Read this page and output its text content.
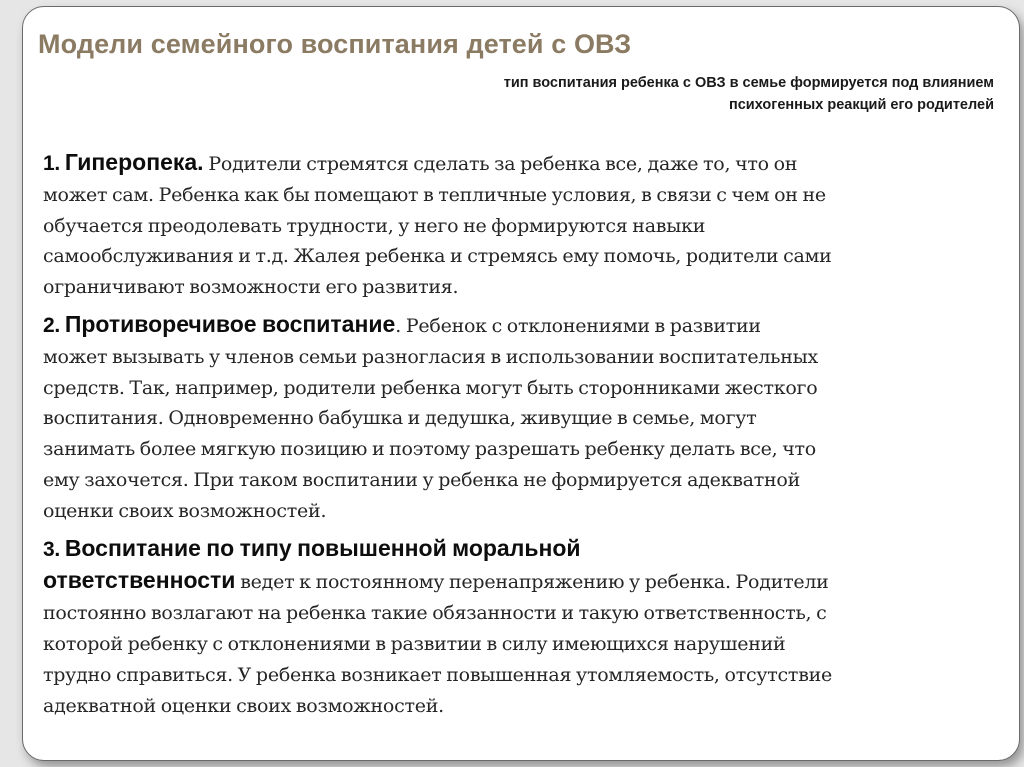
Модели семейного воспитания детей с ОВЗ
тип воспитания ребенка с ОВЗ в семье формируется под влиянием
психогенных реакций его родителей
1. Гиперопека. Родители стремятся сделать за ребенка все, даже то, что он
может сам. Ребенка как бы помещают в тепличные условия, в связи с чем он не
обучается преодолевать трудности, у него не формируются навыки
самообслуживания и т.д. Жалея ребенка и стремясь ему помочь, родители сами
ограничивают возможности его развития.
2. Противоречивое воспитание. Ребенок с отклонениями в развитии
может вызывать у членов семьи разногласия в использовании воспитательных
средств. Так, например, родители ребенка могут быть сторонниками жесткого
воспитания. Одновременно бабушка и дедушка, живущие в семье, могут
занимать более мягкую позицию и поэтому разрешать ребенку делать все, что
ему захочется. При таком воспитании у ребенка не формируется адекватной
оценки своих возможностей.
3. Воспитание по типу повышенной моральной
ответственности ведет к постоянному перенапряжению у ребенка. Родители
постоянно возлагают на ребенка такие обязанности и такую ответственность, с
которой ребенку с отклонениями в развитии в силу имеющихся нарушений
трудно справиться. У ребенка возникает повышенная утомляемость, отсутствие
адекватной оценки своих возможностей.
